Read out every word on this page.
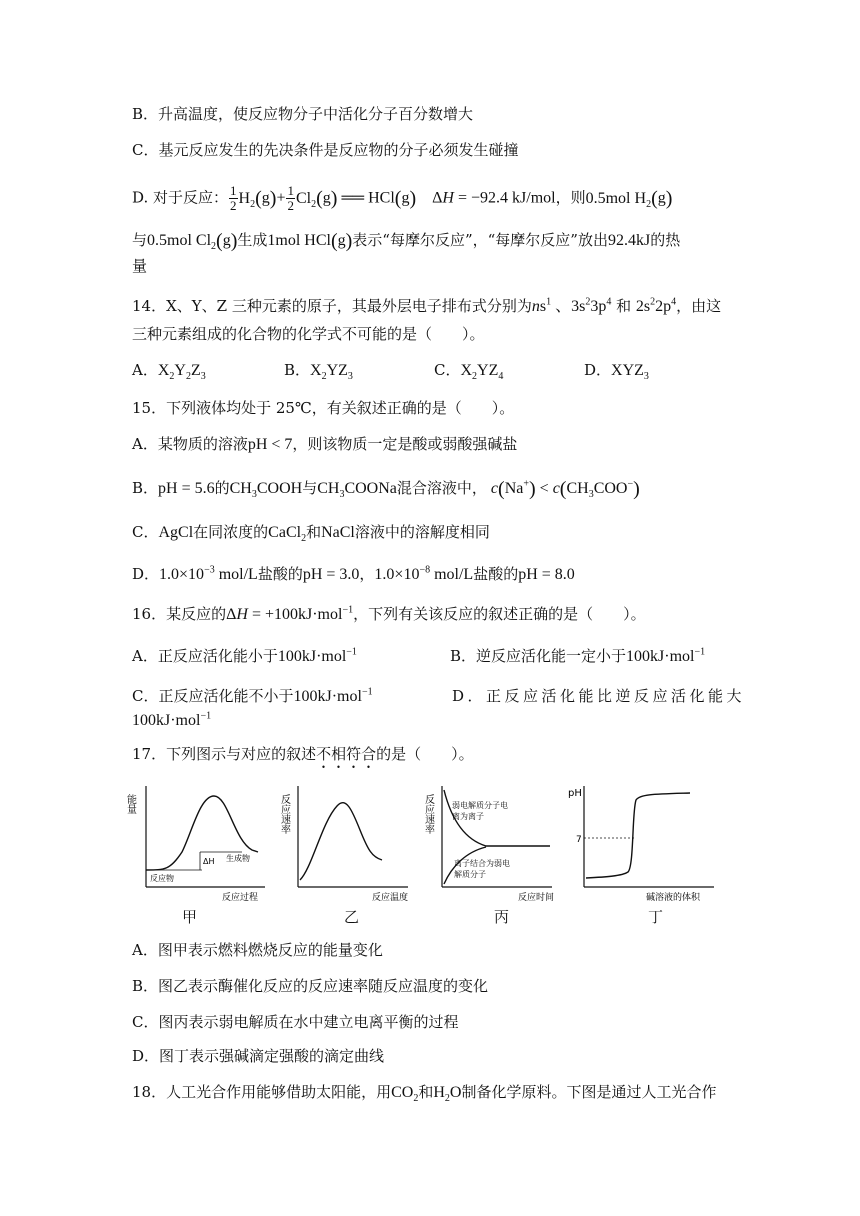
B．升高温度，使反应物分子中活化分子百分数增大
C．基元反应发生的先决条件是反应物的分子必须发生碰撞
D. 对于反应： $\frac{1}{2} H_2(g)+ \frac{1}{2} Cl_2(g)$ ══ HCl(g)    ΔH = −92.4 kJ/mol，则0.5mol $H_2(g)$
与0.5mol $Cl_2(g)$生成1mol HCl(g)表示“每摩尔反应”，“每摩尔反应”放出92.4kJ的热
量
14．X、Y、Z 三种元素的原子，其最外层电子排布式分别为$ns^1$ 、$3s^23p^4$ 和 $2s^22p^4$，由这
三种元素组成的化合物的化学式不可能的是（　　）。
A．$X_2Y_2Z_3$	B．$X_2YZ_3$	C．$X_2YZ_4$	D．$XYZ_3$
15．下列液体均处于 25℃，有关叙述正确的是（　　）。
A．某物质的溶液pH < 7，则该物质一定是酸或弱酸强碱盐
B．pH = 5.6的$CH_3COOH$与$CH_3COONa$混合溶液中， $c(Na^+) < c(CH_3COO^-)$
C．AgCl在同浓度的CaCl$_2$和NaCl溶液中的溶解度相同
D．$1.0\times 10^{-3}$ mol/L盐酸的pH = 3.0，$1.0\times 10^{-8}$ mol/L盐酸的pH = 8.0
16．某反应的ΔH = +100kJ·mol$^{-1}$，下列有关该反应的叙述正确的是（　　）。
A．正反应活化能小于100kJ·mol$^{-1}$	B．逆反应活化能一定小于100kJ·mol$^{-1}$
C．正反应活化能不小于100kJ·mol$^{-1}$	D．正反应活化能比逆反应活化能大
100kJ·mol$^{-1}$
17．下列图示与对应的叙述不相符合的是（　　）。
能量
ΔH 生成物
反应物
反应过程
甲
反应速率
反应温度
乙
反应速率 弱电解质分子电离为离子
离子结合为弱电解质分子
反应时间
丙
pH
7
碱溶液的体积
丁
A．图甲表示燃料燃烧反应的能量变化
B．图乙表示酶催化反应的反应速率随反应温度的变化
C．图丙表示弱电解质在水中建立电离平衡的过程
D．图丁表示强碱滴定强酸的滴定曲线
18．人工光合作用能够借助太阳能，用$CO_2$和$H_2O$制备化学原料。下图是通过人工光合作
